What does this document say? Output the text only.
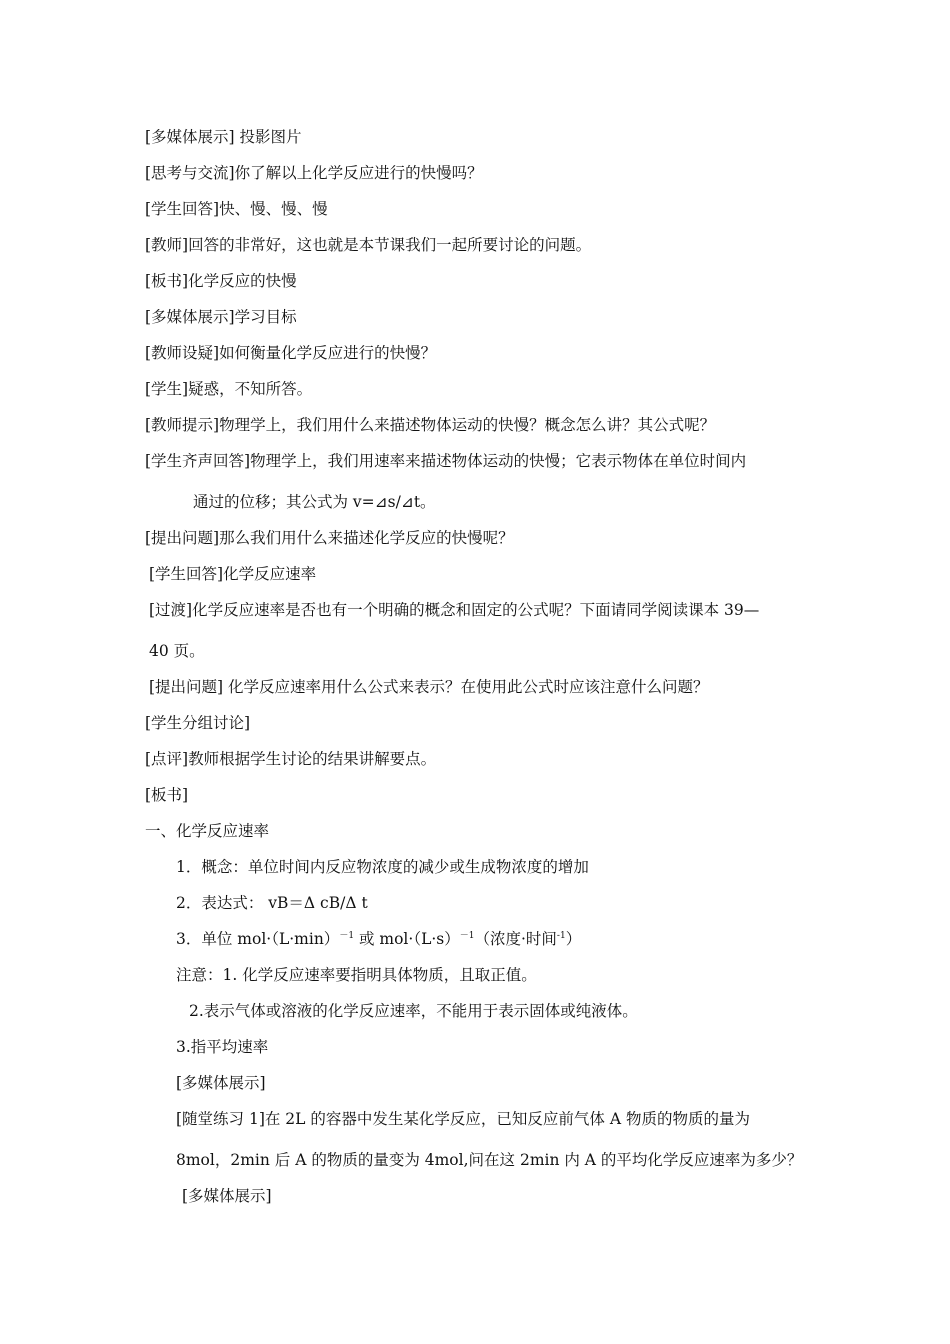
[多媒体展示] 投影图片
[思考与交流]你了解以上化学反应进行的快慢吗？
[学生回答]快、慢、慢、慢
[教师]回答的非常好，这也就是本节课我们一起所要讨论的问题。
[板书]化学反应的快慢
[多媒体展示]学习目标
[教师设疑]如何衡量化学反应进行的快慢？
[学生]疑惑，不知所答。
[教师提示]物理学上，我们用什么来描述物体运动的快慢？概念怎么讲？其公式呢？
[学生齐声回答]物理学上，我们用速率来描述物体运动的快慢；它表示物体在单位时间内
通过的位移；其公式为 v=⊿s/⊿t。
[提出问题]那么我们用什么来描述化学反应的快慢呢？
[学生回答]化学反应速率
[过渡]化学反应速率是否也有一个明确的概念和固定的公式呢？下面请同学阅读课本 39—
40 页。
[提出问题] 化学反应速率用什么公式来表示？在使用此公式时应该注意什么问题？
[学生分组讨论]
[点评]教师根据学生讨论的结果讲解要点。
[板书]
一、化学反应速率
1．概念：单位时间内反应物浓度的减少或生成物浓度的增加
2．表达式： vB＝Δ cB/Δ t
3．单位 $mol\cdot(L\cdot\min)^{-1}$ 或 $mol\cdot(L\cdot s)^{-1}$（浓度·时间$^{-1}$）
注意：1. 化学反应速率要指明具体物质，且取正值。
2.表示气体或溶液的化学反应速率，不能用于表示固体或纯液体。
3.指平均速率
[多媒体展示]
[随堂练习 1]在 2L 的容器中发生某化学反应，已知反应前气体 A 物质的物质的量为
8mol，2min 后 A 的物质的量变为 4mol,问在这 2min 内 A 的平均化学反应速率为多少？
[多媒体展示]
